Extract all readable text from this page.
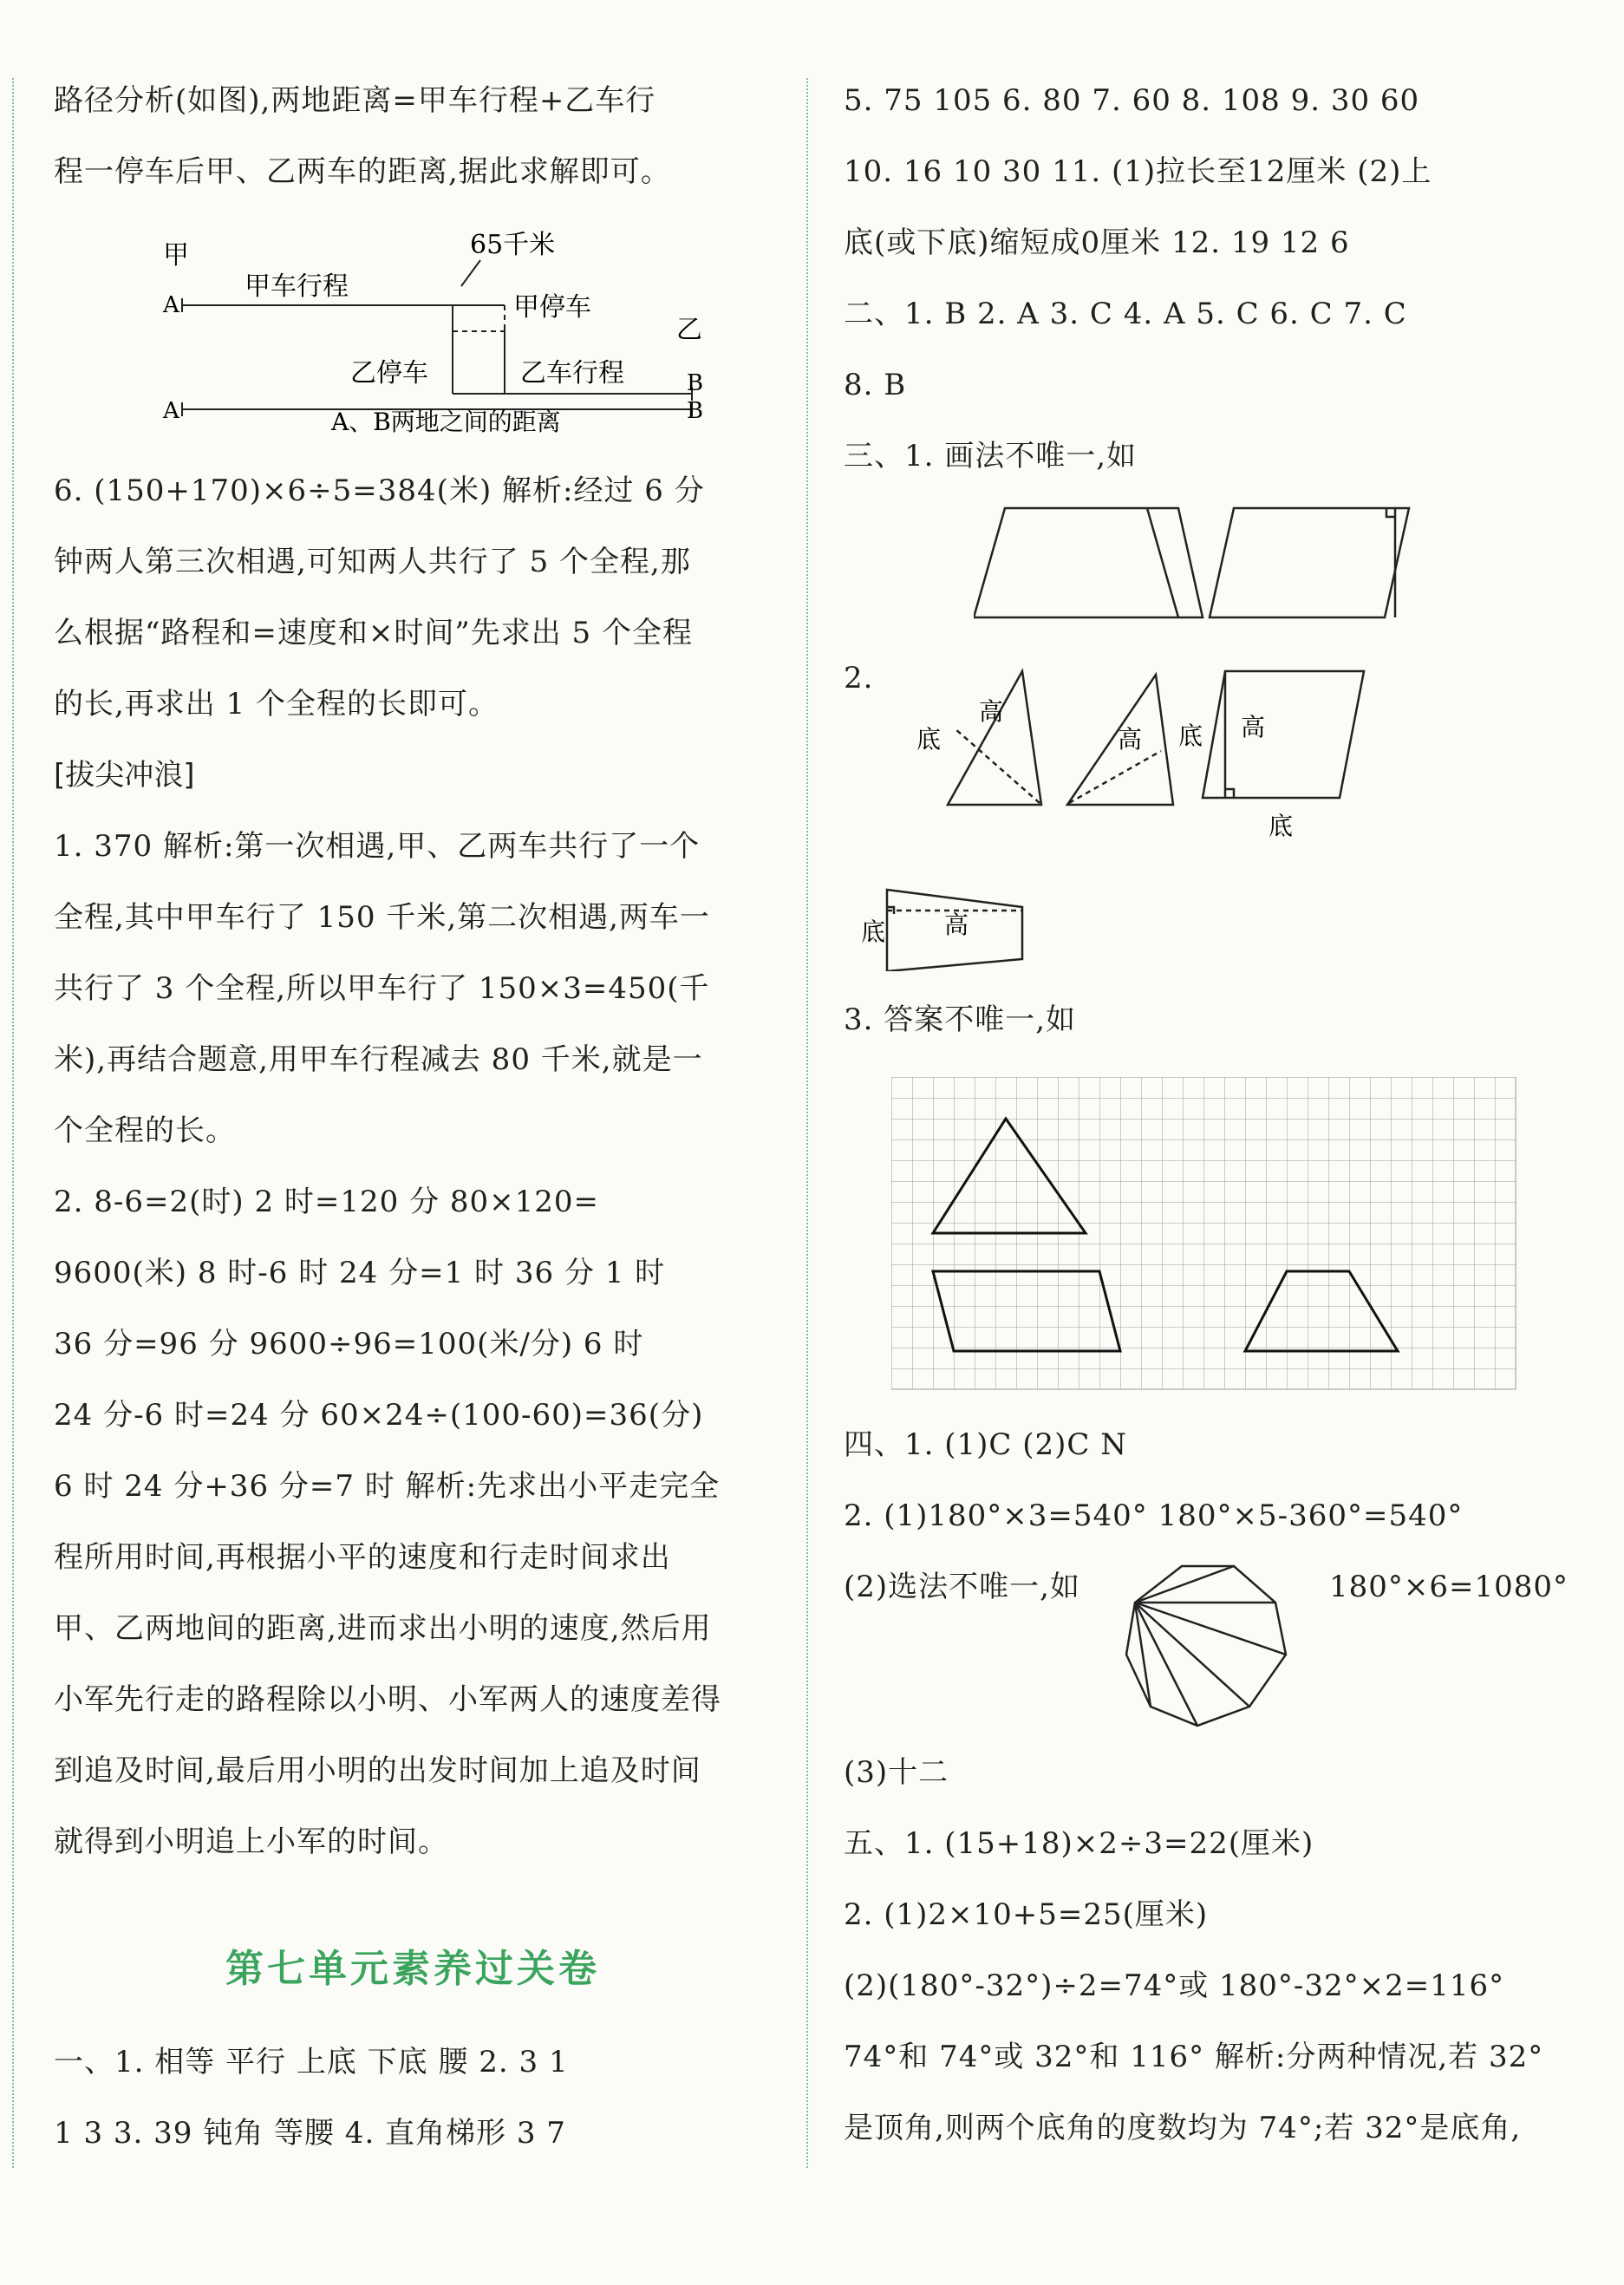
路径分析(如图),两地距离=甲车行程+乙车行
程一停车后甲、乙两车的距离,据此求解即可。
甲
A
甲车行程
65千米
甲停车
乙
B
乙停车	乙车行程
A	B
A、B两地之间的距离
6. (150+170)×6÷5=384(米) 解析:经过 6 分
钟两人第三次相遇,可知两人共行了 5 个全程,那
么根据“路程和=速度和×时间”先求出 5 个全程
的长,再求出 1 个全程的长即可。
[拔尖冲浪]
1. 370 解析:第一次相遇,甲、乙两车共行了一个
全程,其中甲车行了 150 千米,第二次相遇,两车一
共行了 3 个全程,所以甲车行了 150×3=450(千
米),再结合题意,用甲车行程减去 80 千米,就是一
个全程的长。
2. 8-6=2(时) 2 时=120 分 80×120=
9600(米) 8 时-6 时 24 分=1 时 36 分 1 时
36 分=96 分 9600÷96=100(米/分) 6 时
24 分-6 时=24 分 60×24÷(100-60)=36(分)
6 时 24 分+36 分=7 时 解析:先求出小平走完全
程所用时间,再根据小平的速度和行走时间求出
甲、乙两地间的距离,进而求出小明的速度,然后用
小军先行走的路程除以小明、小军两人的速度差得
到追及时间,最后用小明的出发时间加上追及时间
就得到小明追上小军的时间。
第七单元素养过关卷
一、1. 相等 平行 上底 下底 腰 2. 3 1
1 3 3. 39 钝角 等腰 4. 直角梯形 3 7
5. 75 105 6. 80 7. 60 8. 108 9. 30 60
10. 16 10 30 11. (1)拉长至12厘米 (2)上
底(或下底)缩短成0厘米 12. 19 12 6
二、1. B 2. A 3. C 4. A 5. C 6. C 7. C
8. B
三、1. 画法不唯一,如
2.
底
高
高 底 高
底
底 高
3. 答案不唯一,如
四、1. (1)C (2)C N
2. (1)180°×3=540° 180°×5-360°=540°
(2)选法不唯一,如	180°×6=1080°
(3)十二
五、1. (15+18)×2÷3=22(厘米)
2. (1)2×10+5=25(厘米)
(2)(180°-32°)÷2=74°或 180°-32°×2=116°
74°和 74°或 32°和 116° 解析:分两种情况,若 32°
是顶角,则两个底角的度数均为 74°;若 32°是底角,
